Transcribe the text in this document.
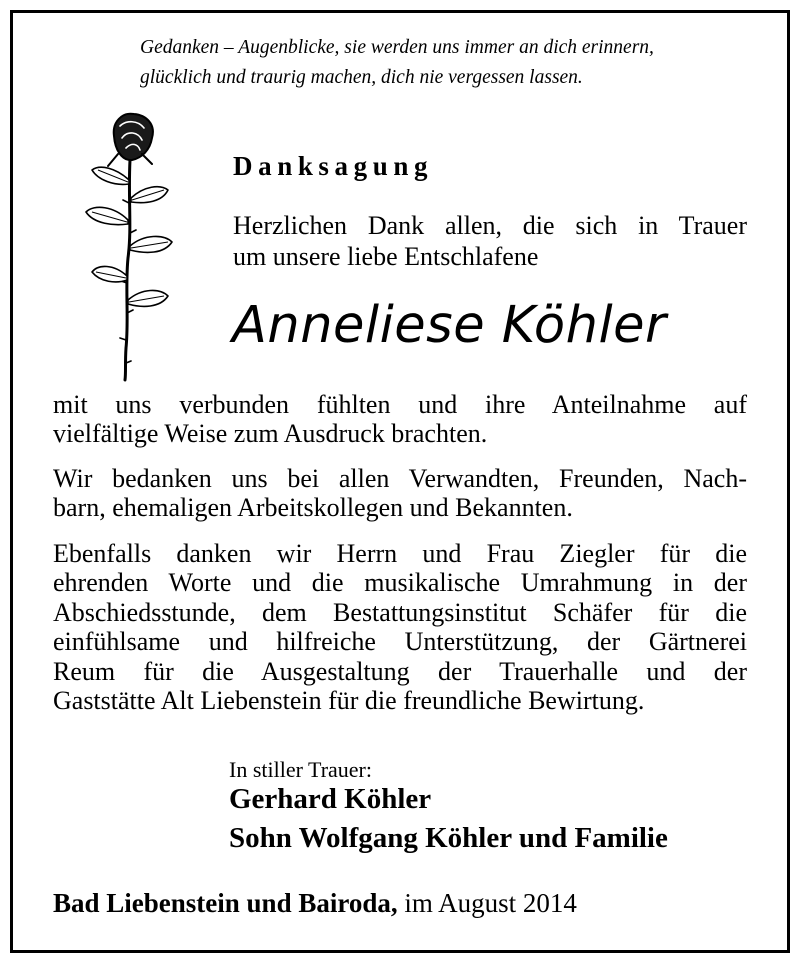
Gedanken – Augenblicke, sie werden uns immer an dich erinnern,
glücklich und traurig machen, dich nie vergessen lassen.
Danksagung
Herzlichen Dank allen, die sich in Trauer
um unsere liebe Entschlafene
Anneliese Köhler
mit uns verbunden fühlten und ihre Anteilnahme auf
vielfältige Weise zum Ausdruck brachten.
Wir bedanken uns bei allen Verwandten, Freunden, Nach-
barn, ehemaligen Arbeitskollegen und Bekannten.
Ebenfalls danken wir Herrn und Frau Ziegler für die
ehrenden Worte und die musikalische Umrahmung in der
Abschiedsstunde, dem Bestattungsinstitut Schäfer für die
einfühlsame und hilfreiche Unterstützung, der Gärtnerei
Reum für die Ausgestaltung der Trauerhalle und der
Gaststätte Alt Liebenstein für die freundliche Bewirtung.
In stiller Trauer:
Gerhard Köhler
Sohn Wolfgang Köhler und Familie
Bad Liebenstein und Bairoda, im August 2014
